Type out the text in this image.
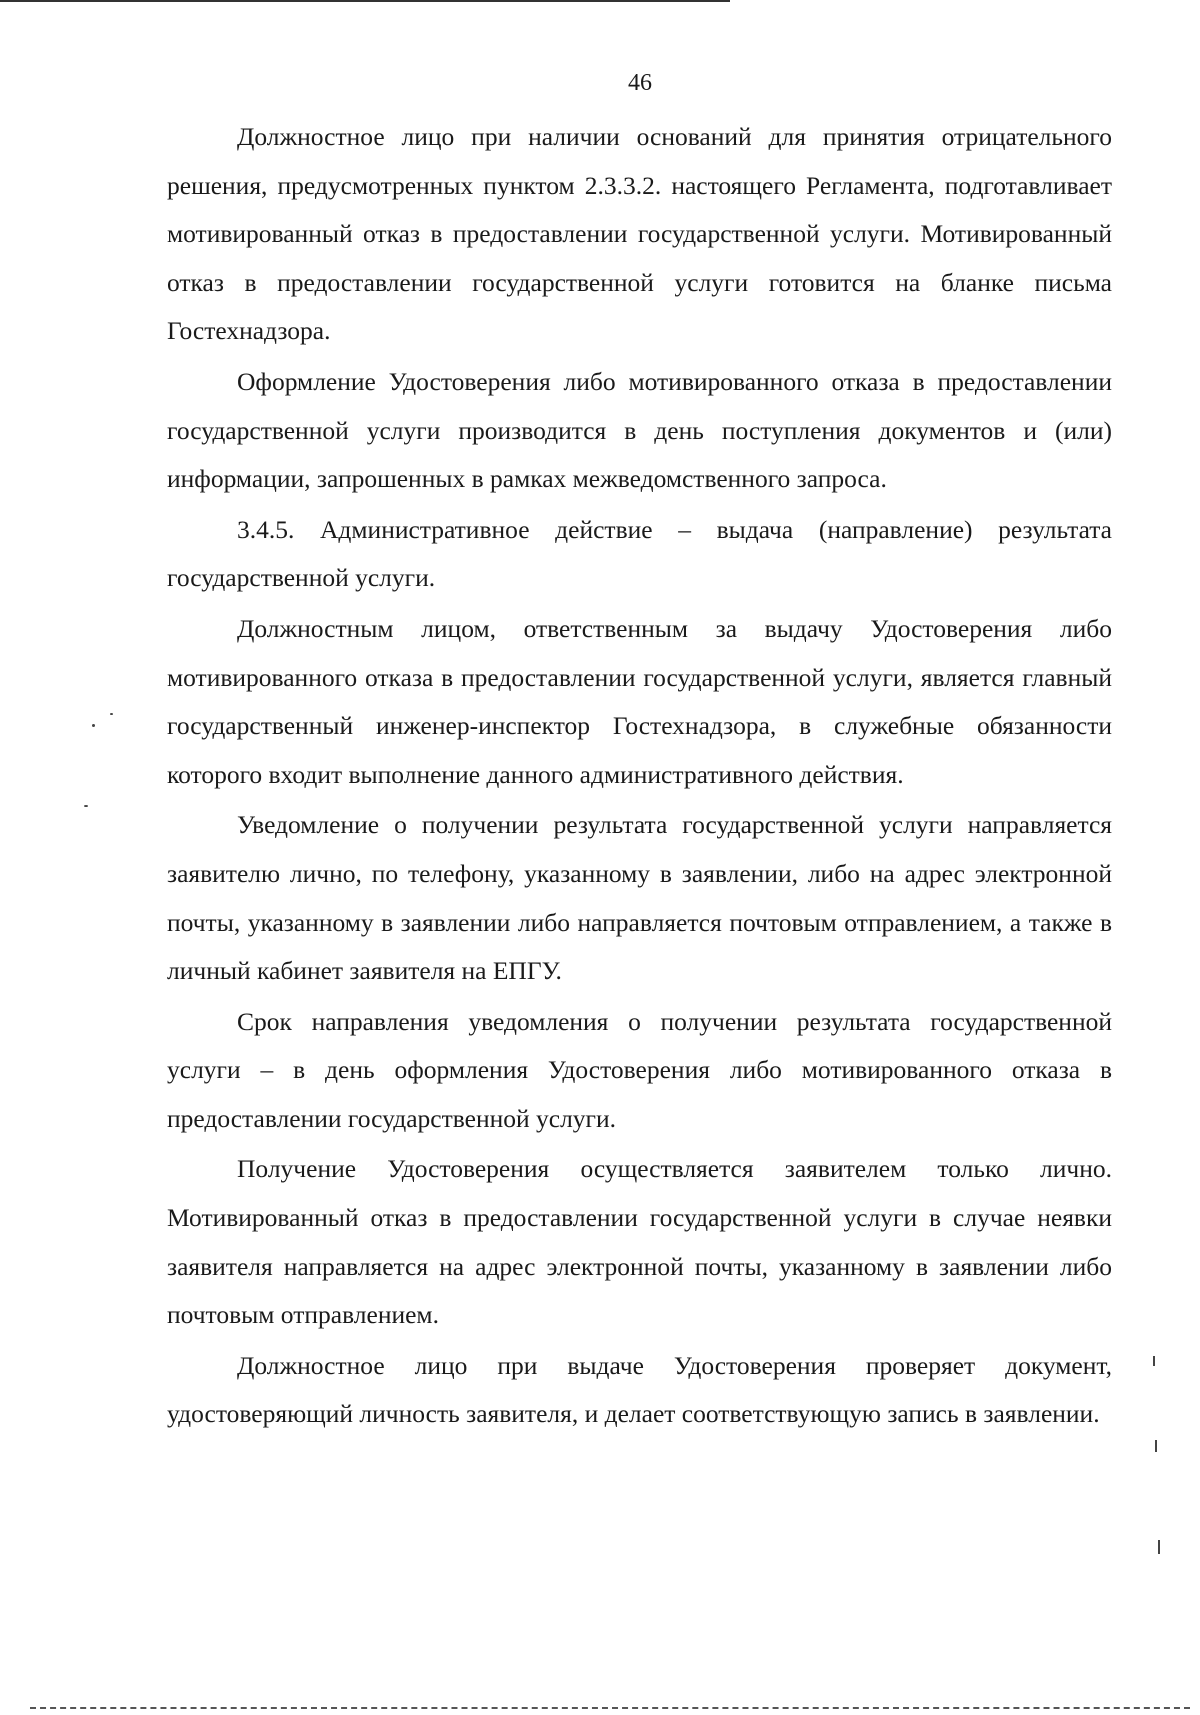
46

Должностное лицо при наличии оснований для принятия отрицательного решения, предусмотренных пунктом 2.3.3.2. настоящего Регламента, подготавливает мотивированный отказ в предоставлении государственной услуги. Мотивированный отказ в предоставлении государственной услуги готовится на бланке письма Гостехнадзора.

Оформление Удостоверения либо мотивированного отказа в предоставлении государственной услуги производится в день поступления документов и (или) информации, запрошенных в рамках межведомственного запроса.

3.4.5. Административное действие – выдача (направление) результата государственной услуги.

Должностным лицом, ответственным за выдачу Удостоверения либо мотивированного отказа в предоставлении государственной услуги, является главный государственный инженер-инспектор Гостехнадзора, в служебные обязанности которого входит выполнение данного административного действия.

Уведомление о получении результата государственной услуги направляется заявителю лично, по телефону, указанному в заявлении, либо на адрес электронной почты, указанному в заявлении либо направляется почтовым отправлением, а также в личный кабинет заявителя на ЕПГУ.

Срок направления уведомления о получении результата государственной услуги – в день оформления Удостоверения либо мотивированного отказа в предоставлении государственной услуги.

Получение Удостоверения осуществляется заявителем только лично. Мотивированный отказ в предоставлении государственной услуги в случае неявки заявителя направляется на адрес электронной почты, указанному в заявлении либо почтовым отправлением.

Должностное лицо при выдаче Удостоверения проверяет документ, удостоверяющий личность заявителя, и делает соответствующую запись в заявлении.
